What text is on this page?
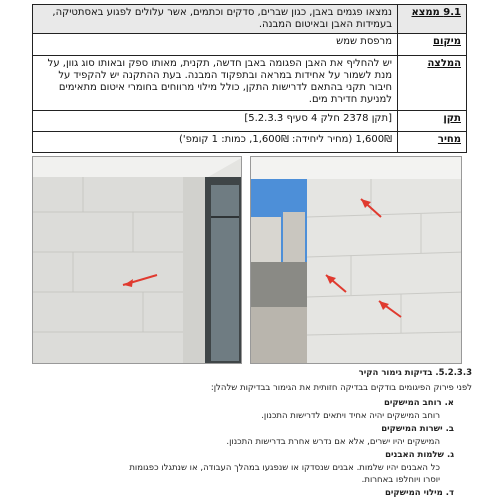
9.1 ממצא	נמצאו פגמים באבן, כגון שברים, סדקים וכתמים, אשר עלולים לפגוע באסתטיקה, בעמידות האבן ובאיטום המבנה.
מיקום	מרפסת שמש
המלצה	יש להחליף את האבן הפגומה באבן חדשה, תקנית, מאותו ספק ובאותו סוג גוון, על מנת לשמור על אחידות במראה ובתפקוד המבנה. בעת ההתקנה יש להקפיד על חיבור תקני בהתאם לדרישות התקן, כולל מילוי מרווחים בחומרי איטום מתאימים למניעת חדירת מים.
תקן	[תקן 2378 חלק 4 סעיף 5.2.3.3]
מחיר	1,600₪ (מחיר ליחידה: 1,600₪, כמות: 1 קומפ')
5.2.3.3. בדיקות גימור הקיר
לפני פירוק הפיגומים בודקים בבדיקה חזותית את הגימור בבדיקות שלהלן:
א. רוחב המישקים
רוחב המישקים יהיה אחיד ויתאים לדרישות התכנון.
ב. ישרות המישקים
המישקים יהיו ישרים, אלא אם נדרש אחרת בדרישות התכנון.
ג. שלמות האבנים
כל האבנים יהיו שלמות. אבנים שנסדקו או שנפגעו במהלך העבודה, או שנתגלו כפגומות
יוסרו ויוחלפו באחרות.
ד. מילוי המישקים
